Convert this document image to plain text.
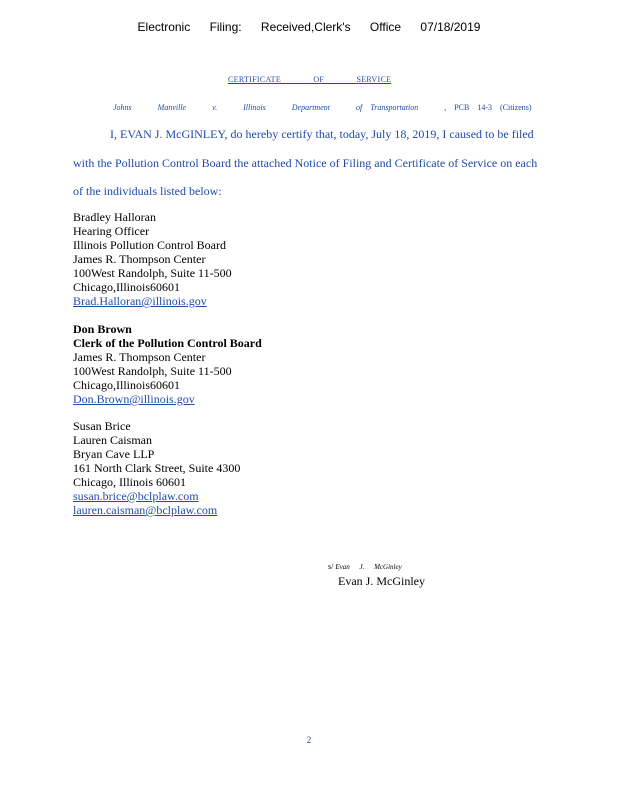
Electronic Filing: Received,Clerk's Office 07/18/2019
CERTIFICATE OF SERVICE
Johns	Manville	v.	Illinois	Department	of Transportation	, PCB 14-3 (Citizens)
I, EVAN J. McGINLEY, do hereby certify that, today, July 18, 2019, I caused to be filed
with the Pollution Control Board the attached Notice of Filing and Certificate of Service on each
of the individuals listed below:
Bradley Halloran
Hearing Officer
Illinois Pollution Control Board
James R. Thompson Center
100West Randolph, Suite 11-500
Chicago,Illinois60601
Brad.Halloran@illinois.gov
Don Brown
Clerk of the Pollution Control Board
James R. Thompson Center
100West Randolph, Suite 11-500
Chicago,Illinois60601
Don.Brown@illinois.gov
Susan Brice
Lauren Caisman
Bryan Cave LLP
161 North Clark Street, Suite 4300
Chicago, Illinois 60601
susan.brice@bclplaw.com
lauren.caisman@bclplaw.com
s/ Evan J. McGinley
Evan J. McGinley
2
